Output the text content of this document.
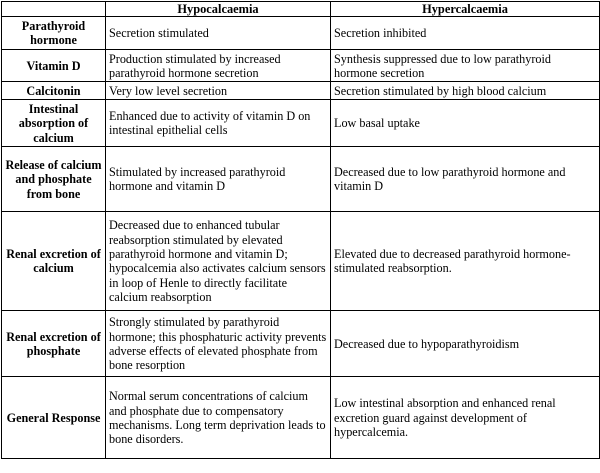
	Hypocalcaemia	Hypercalcaemia
Parathyroid hormone	Secretion stimulated	Secretion inhibited
Vitamin D	Production stimulated by increased parathyroid hormone secretion	Synthesis suppressed due to low parathyroid hormone secretion
Calcitonin	Very low level secretion	Secretion stimulated by high blood calcium
Intestinal absorption of calcium	Enhanced due to activity of vitamin D on intestinal epithelial cells	Low basal uptake
Release of calcium and phosphate from bone	Stimulated by increased parathyroid hormone and vitamin D	Decreased due to low parathyroid hormone and vitamin D
Renal excretion of calcium	Decreased due to enhanced tubular reabsorption stimulated by elevated parathyroid hormone and vitamin D; hypocalcemia also activates calcium sensors in loop of Henle to directly facilitate calcium reabsorption	Elevated due to decreased parathyroid hormone-stimulated reabsorption.
Renal excretion of phosphate	Strongly stimulated by parathyroid hormone; this phosphaturic activity prevents adverse effects of elevated phosphate from bone resorption	Decreased due to hypoparathyroidism
General Response	Normal serum concentrations of calcium and phosphate due to compensatory mechanisms. Long term deprivation leads to bone disorders.	Low intestinal absorption and enhanced renal excretion guard against development of hypercalcemia.
